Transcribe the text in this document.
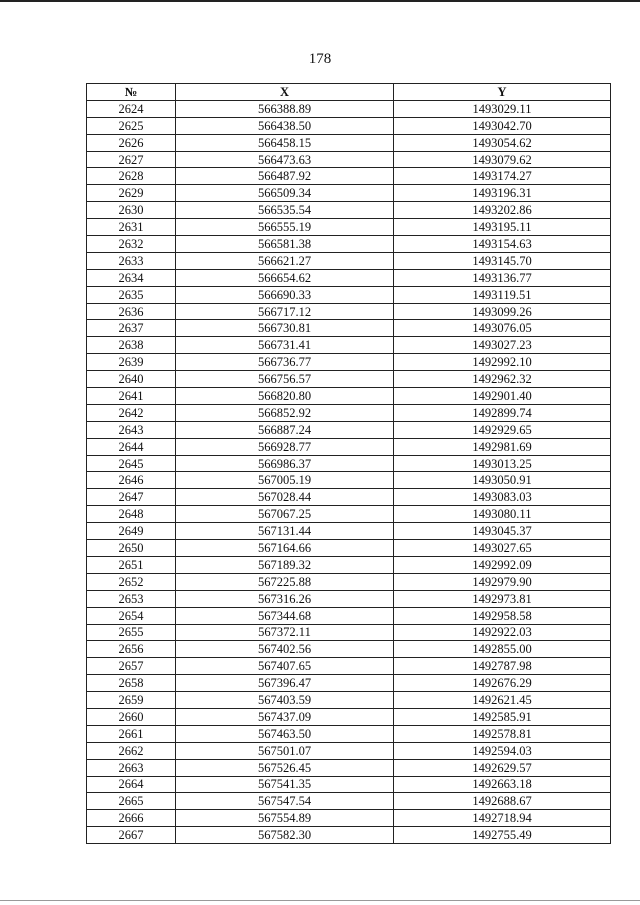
178
№	X	Y
2624	566388.89	1493029.11
2625	566438.50	1493042.70
2626	566458.15	1493054.62
2627	566473.63	1493079.62
2628	566487.92	1493174.27
2629	566509.34	1493196.31
2630	566535.54	1493202.86
2631	566555.19	1493195.11
2632	566581.38	1493154.63
2633	566621.27	1493145.70
2634	566654.62	1493136.77
2635	566690.33	1493119.51
2636	566717.12	1493099.26
2637	566730.81	1493076.05
2638	566731.41	1493027.23
2639	566736.77	1492992.10
2640	566756.57	1492962.32
2641	566820.80	1492901.40
2642	566852.92	1492899.74
2643	566887.24	1492929.65
2644	566928.77	1492981.69
2645	566986.37	1493013.25
2646	567005.19	1493050.91
2647	567028.44	1493083.03
2648	567067.25	1493080.11
2649	567131.44	1493045.37
2650	567164.66	1493027.65
2651	567189.32	1492992.09
2652	567225.88	1492979.90
2653	567316.26	1492973.81
2654	567344.68	1492958.58
2655	567372.11	1492922.03
2656	567402.56	1492855.00
2657	567407.65	1492787.98
2658	567396.47	1492676.29
2659	567403.59	1492621.45
2660	567437.09	1492585.91
2661	567463.50	1492578.81
2662	567501.07	1492594.03
2663	567526.45	1492629.57
2664	567541.35	1492663.18
2665	567547.54	1492688.67
2666	567554.89	1492718.94
2667	567582.30	1492755.49
